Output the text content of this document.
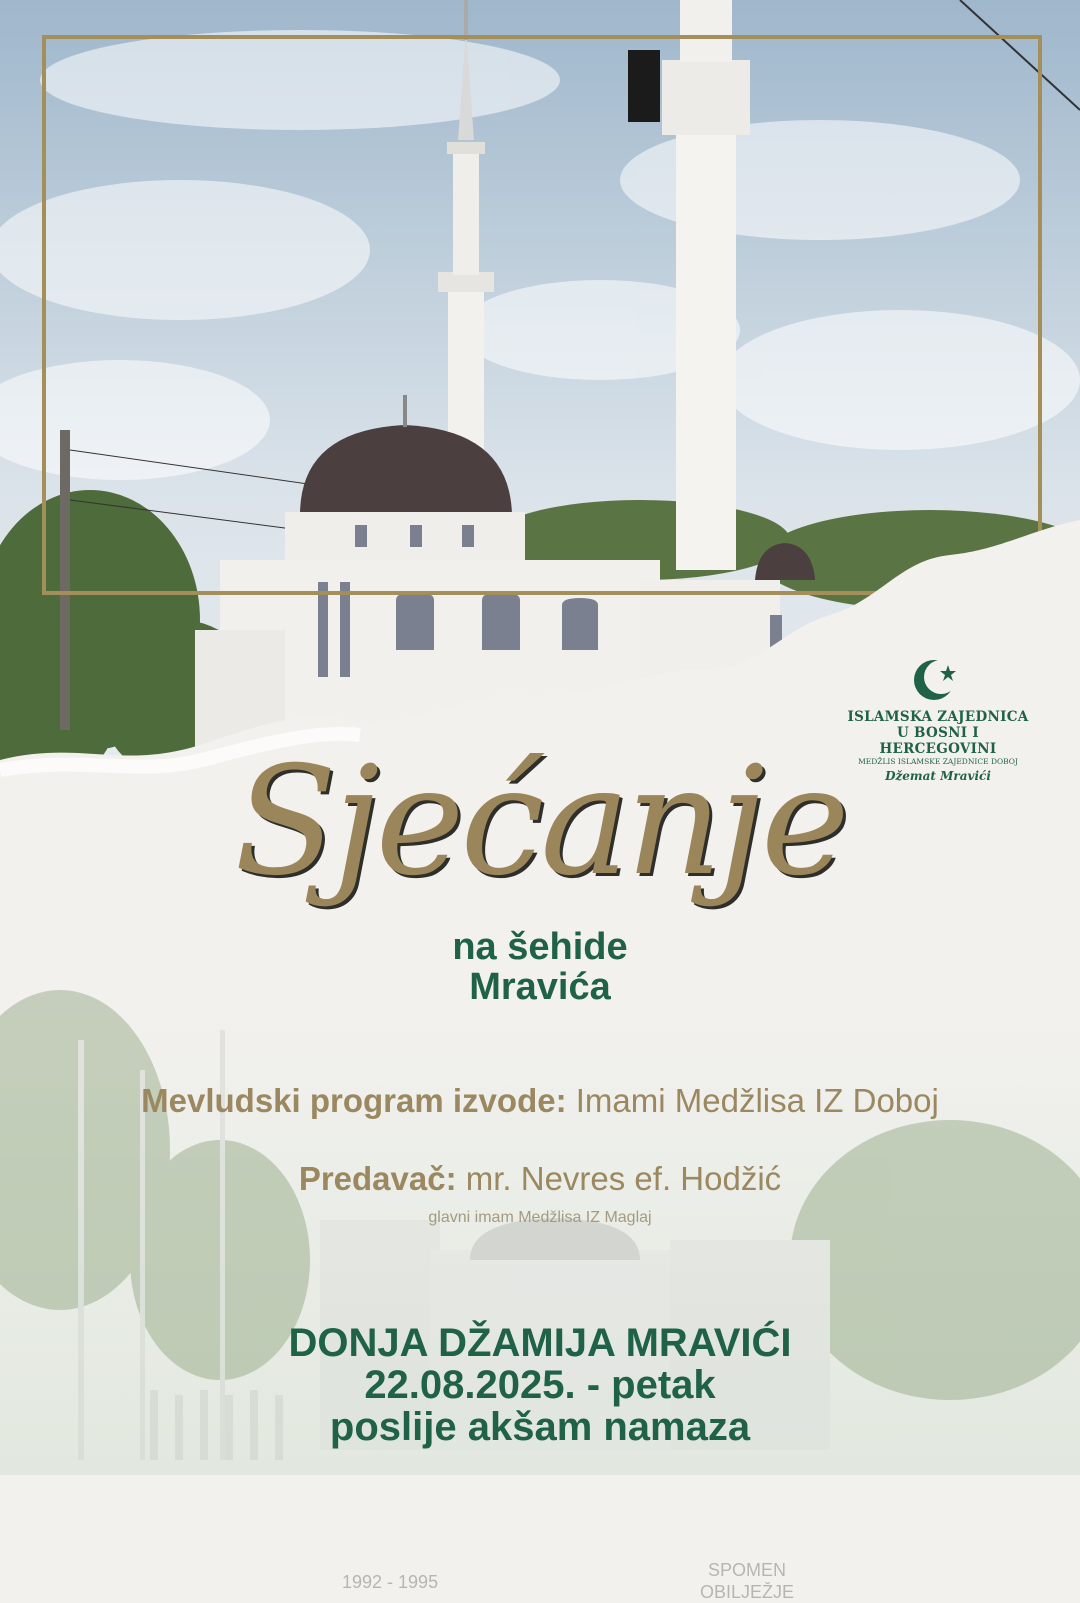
1992 - 1995
SPOMEN
OBILJEŽJE
ISLAMSKA ZAJEDNICA
U BOSNI I HERCEGOVINI
MEDŽLIS ISLAMSKE ZAJEDNICE DOBOJ
Džemat Mravići
Sjećanje
na šehide
Mravića
Mevludski program izvode: Imami Medžlisa IZ Doboj
Predavač: mr. Nevres ef. Hodžić
glavni imam Medžlisa IZ Maglaj
DONJA DŽAMIJA MRAVIĆI
22.08.2025. - petak
poslije akšam namaza
